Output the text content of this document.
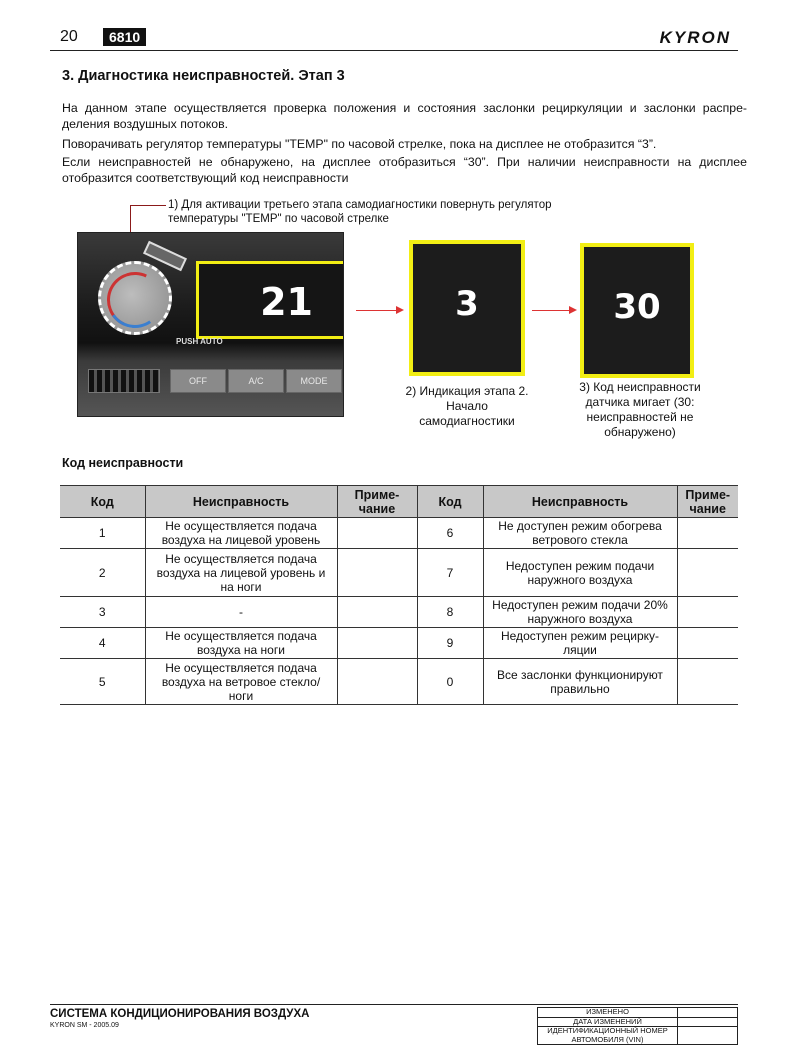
20	6810	KYRON
3. Диагностика неисправностей. Этап 3
На данном этапе осуществляется проверка положения и состояния заслонки рециркуляции и заслонки распре-деления воздушных потоков.
Поворачивать регулятор температуры "TEMP" по часовой стрелке, пока на дисплее не отобразится “3”.
Если неисправностей не обнаружено, на дисплее отобразиться “30”. При наличии неисправности на дисплее отобразится соответствующий код неисправности
1) Для активации третьего этапа самодиагностики повернуть регулятор температуры "TEMP" по часовой стрелке
21
PUSH AUTO
OFF	A/C	MODE
3
2) Индикация этапа 2. Начало самодиагностики
30
3) Код неисправности датчика мигает (30: неисправностей не обнаружено)
Код неисправности
Код	Неисправность	Приме-чание	Код	Неисправность	Приме-чание
1	Не осуществляется подача воздуха на лицевой уровень		6	Не доступен режим обогрева ветрового стекла	
2	Не осуществляется подача воздуха на лицевой уровень и на ноги		7	Недоступен режим подачи наружного воздуха	
3	-		8	Недоступен режим подачи 20% наружного воздуха	
4	Не осуществляется подача воздуха на ноги		9	Недоступен режим рецирку-ляции	
5	Не осуществляется подача воздуха на ветровое стекло/ ноги		0	Все заслонки функционируют правильно	
СИСТЕМА КОНДИЦИОНИРОВАНИЯ ВОЗДУХА
KYRON SM - 2005.09
ИЗМЕНЕНО	
ДАТА ИЗМЕНЕНИЙ	
ИДЕНТИФИКАЦИОННЫЙ НОМЕР АВТОМОБИЛЯ (VIN)	
